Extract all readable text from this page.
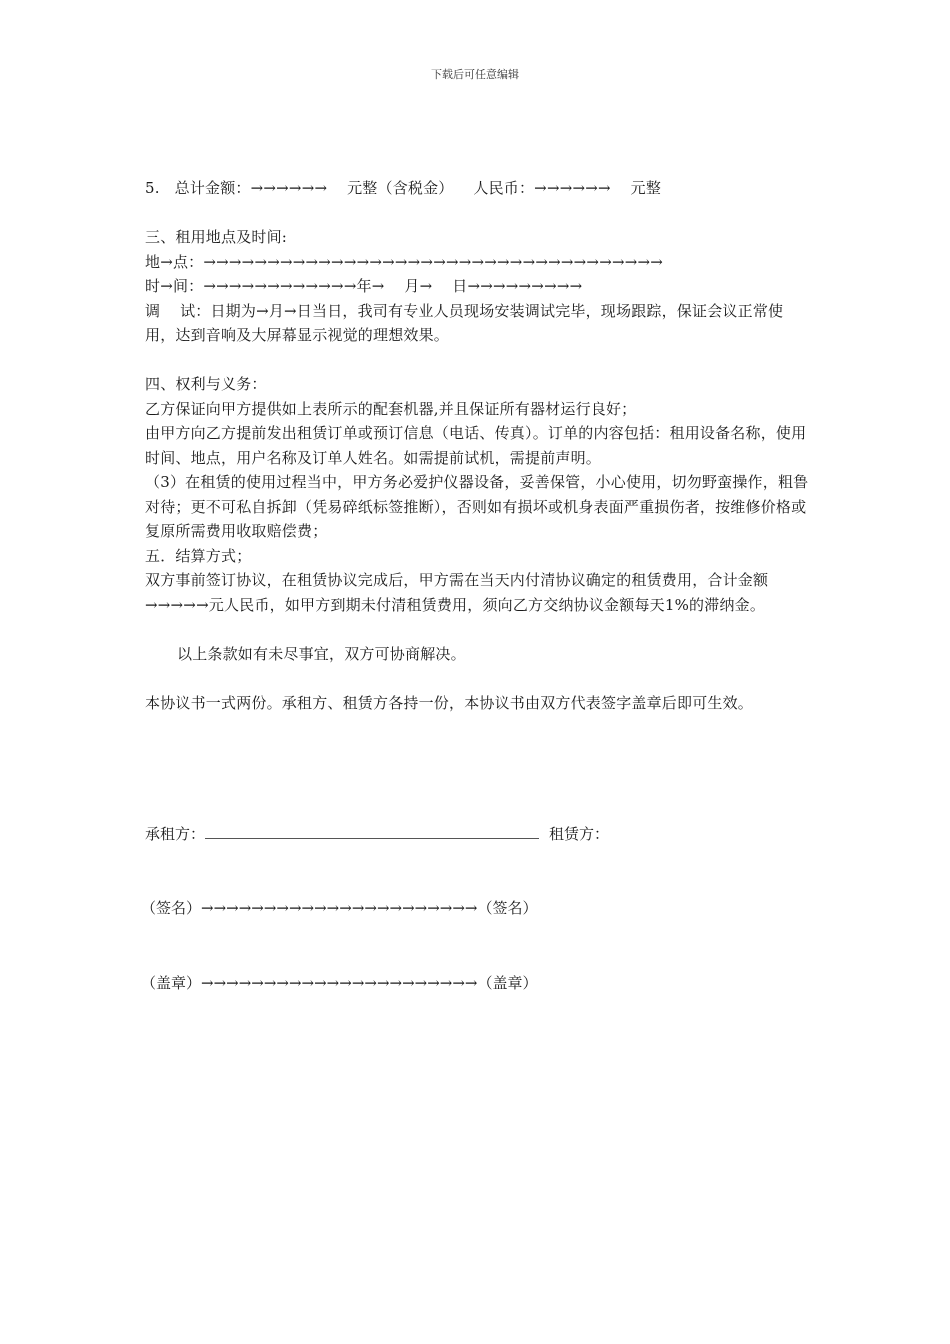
下载后可任意编辑

5.   总计金额：→→→→→→    元整（含税金）    人民币：→→→→→→    元整

三、租用地点及时间:

地→点：→→→→→→→→→→→→→→→→→→→→→→→→→→→→→→→→→→→→

时→间：→→→→→→→→→→→→年→    月→    日→→→→→→→→→

调    试：日期为→月→日当日，我司有专业人员现场安装调试完毕，现场跟踪，保证会议正常使用，达到音响及大屏幕显示视觉的理想效果。

四、权利与义务：

乙方保证向甲方提供如上表所示的配套机器,并且保证所有器材运行良好；

由甲方向乙方提前发出租赁订单或预订信息（电话、传真）。订单的内容包括：租用设备名称，使用时间、地点，用户名称及订单人姓名。如需提前试机，需提前声明。

（3）在租赁的使用过程当中，甲方务必爱护仪器设备，妥善保管，小心使用，切勿野蛮操作，粗鲁对待；更不可私自拆卸（凭易碎纸标签推断），否则如有损坏或机身表面严重损伤者，按维修价格或复原所需费用收取赔偿费；

五．结算方式；

双方事前签订协议，在租赁协议完成后，甲方需在当天内付清协议确定的租赁费用，合计金额→→→→→元人民币，如甲方到期未付清租赁费用，须向乙方交纳协议金额每天1%的滞纳金。

以上条款如有未尽事宜，双方可协商解决。

本协议书一式两份。承租方、租赁方各持一份，本协议书由双方代表签字盖章后即可生效。

承租方：	租赁方：
（签名）→→→→→→→→→→→→→→→→→→→→→→（签名）
（盖章）→→→→→→→→→→→→→→→→→→→→→→（盖章）
